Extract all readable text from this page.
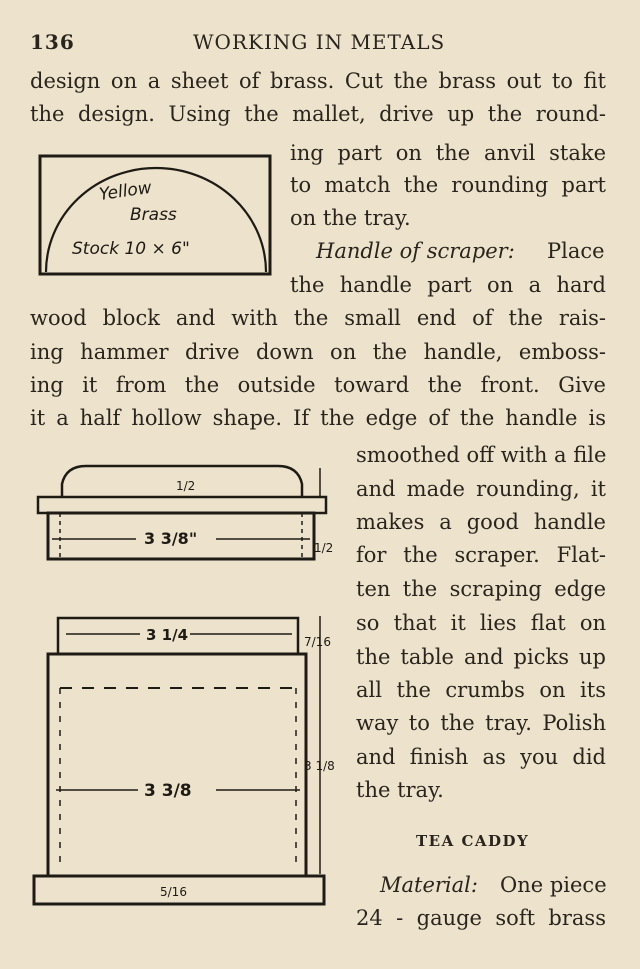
136	WORKING IN METALS
design on a sheet of brass. Cut the brass out to fit
the design. Using the mallet, drive up the round-
ing part on the anvil stake
to match the rounding part
on the tray.
Handle of scraper: Place
the handle part on a hard
wood block and with the small end of the rais-
ing hammer drive down on the handle, emboss-
ing it from the outside toward the front. Give
it a half hollow shape. If the edge of the handle is
smoothed off with a file
and made rounding, it
makes a good handle
for the scraper. Flat-
ten the scraping edge
so that it lies flat on
the table and picks up
all the crumbs on its
way to the tray. Polish
and finish as you did
the tray.
TEA CADDY
Material: One piece
24 - gauge soft brass
Yellow
Brass
Stock 10 × 6"
3 3/8"
1/2
1/2
3 1/4
3 3/8
7/16
3 1/8
5/16
